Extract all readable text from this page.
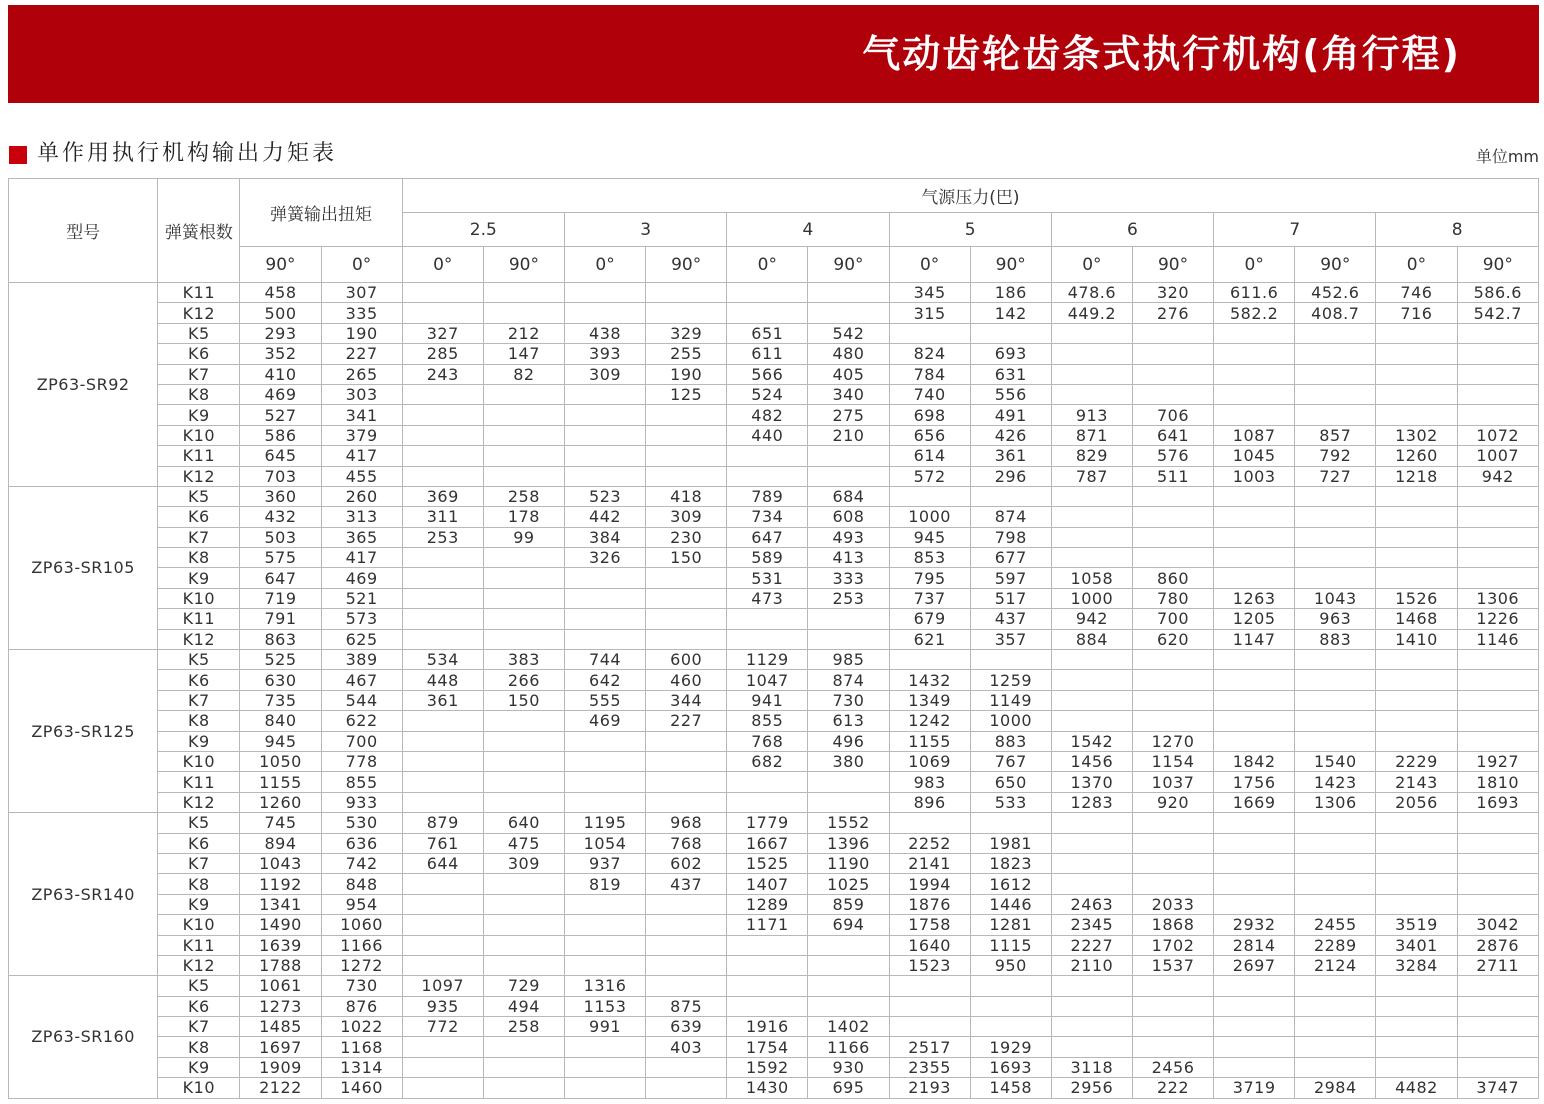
气动齿轮齿条式执行机构(角行程)
单作用执行机构输出力矩表	单位mm
型号	弹簧根数	弹簧输出扭矩		气源压力(巴)													
				2.5		3		4		5		6		7		8	
		90°	0°	0°	90°	0°	90°	0°	90°	0°	90°	0°	90°	0°	90°	0°	90°
ZP63-SR92	K11	458	307							345	186	478.6	320	611.6	452.6	746	586.6
	K12	500	335							315	142	449.2	276	582.2	408.7	716	542.7
	K5	293	190	327	212	438	329	651	542								
	K6	352	227	285	147	393	255	611	480	824	693						
	K7	410	265	243	82	309	190	566	405	784	631						
	K8	469	303				125	524	340	740	556						
	K9	527	341					482	275	698	491	913	706				
	K10	586	379					440	210	656	426	871	641	1087	857	1302	1072
	K11	645	417							614	361	829	576	1045	792	1260	1007
	K12	703	455							572	296	787	511	1003	727	1218	942
ZP63-SR105	K5	360	260	369	258	523	418	789	684								
	K6	432	313	311	178	442	309	734	608	1000	874						
	K7	503	365	253	99	384	230	647	493	945	798						
	K8	575	417			326	150	589	413	853	677						
	K9	647	469					531	333	795	597	1058	860				
	K10	719	521					473	253	737	517	1000	780	1263	1043	1526	1306
	K11	791	573							679	437	942	700	1205	963	1468	1226
	K12	863	625							621	357	884	620	1147	883	1410	1146
ZP63-SR125	K5	525	389	534	383	744	600	1129	985								
	K6	630	467	448	266	642	460	1047	874	1432	1259						
	K7	735	544	361	150	555	344	941	730	1349	1149						
	K8	840	622			469	227	855	613	1242	1000						
	K9	945	700					768	496	1155	883	1542	1270				
	K10	1050	778					682	380	1069	767	1456	1154	1842	1540	2229	1927
	K11	1155	855							983	650	1370	1037	1756	1423	2143	1810
	K12	1260	933							896	533	1283	920	1669	1306	2056	1693
ZP63-SR140	K5	745	530	879	640	1195	968	1779	1552								
	K6	894	636	761	475	1054	768	1667	1396	2252	1981						
	K7	1043	742	644	309	937	602	1525	1190	2141	1823						
	K8	1192	848			819	437	1407	1025	1994	1612						
	K9	1341	954					1289	859	1876	1446	2463	2033				
	K10	1490	1060					1171	694	1758	1281	2345	1868	2932	2455	3519	3042
	K11	1639	1166							1640	1115	2227	1702	2814	2289	3401	2876
	K12	1788	1272							1523	950	2110	1537	2697	2124	3284	2711
ZP63-SR160	K5	1061	730	1097	729	1316											
	K6	1273	876	935	494	1153	875										
	K7	1485	1022	772	258	991	639	1916	1402								
	K8	1697	1168				403	1754	1166	2517	1929						
	K9	1909	1314					1592	930	2355	1693	3118	2456				
	K10	2122	1460					1430	695	2193	1458	2956	222	3719	2984	4482	3747
